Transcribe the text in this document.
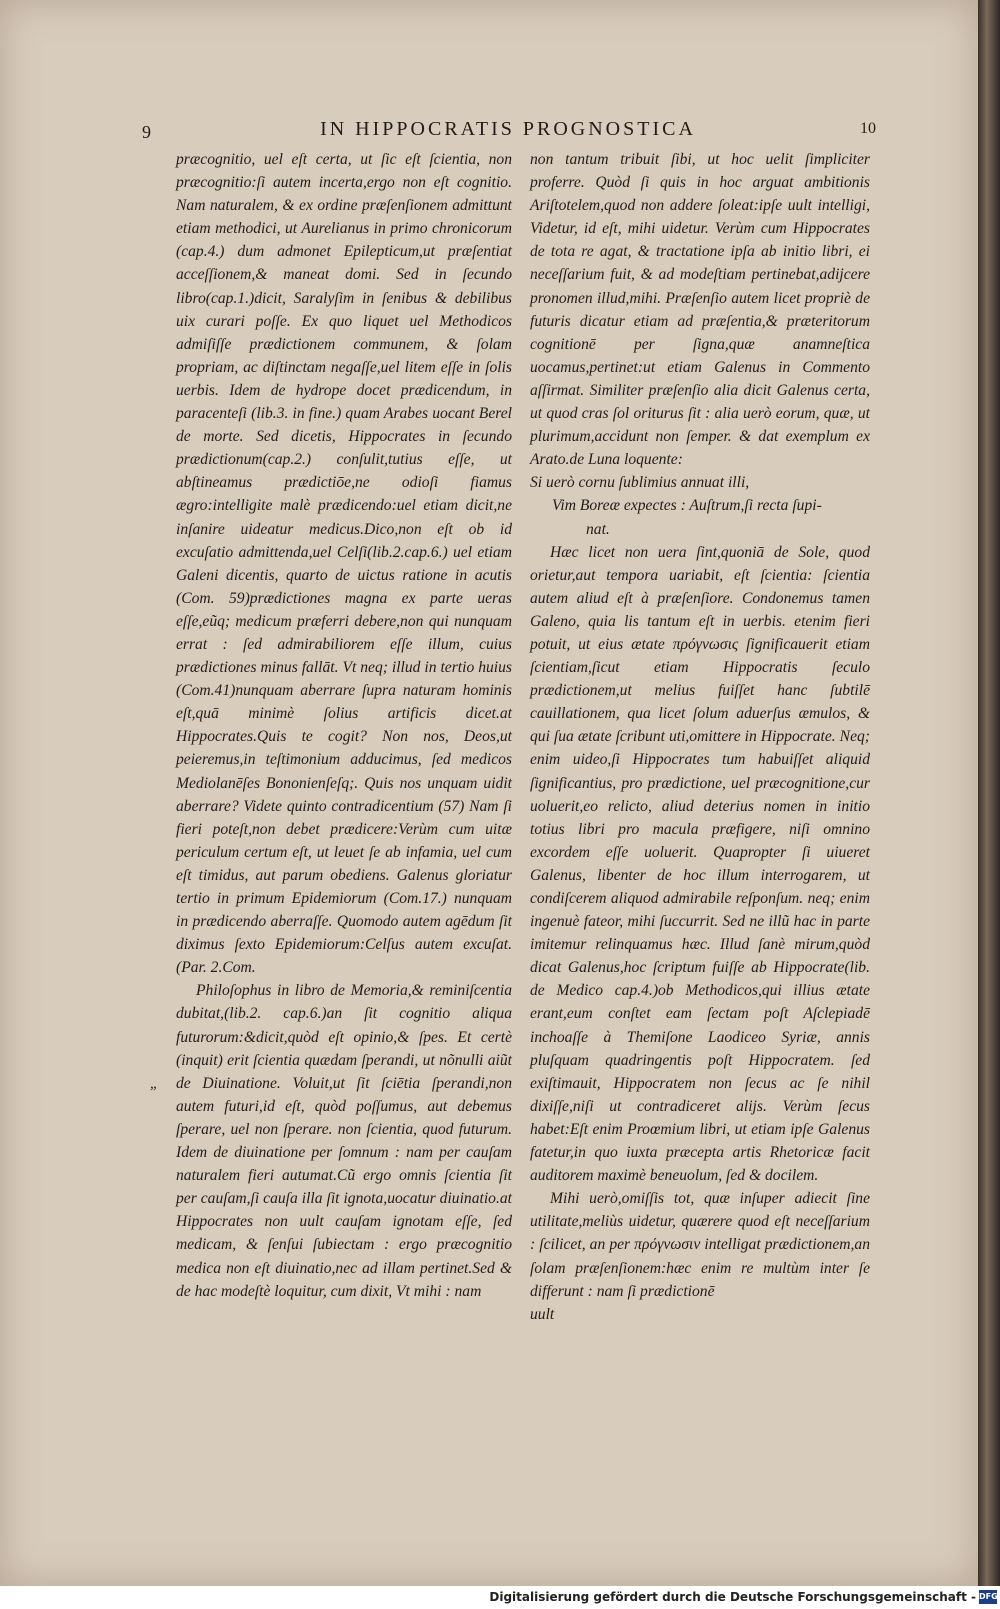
9	IN HIPPOCRATIS PROGNOSTICA	10
”

præcognitio, uel eſt certa, ut ſic eſt ſcientia, non præcognitio:ſi autem incerta,ergo non eſt cognitio. Nam naturalem, & ex ordine præſenſionem admittunt etiam methodici, ut Aurelianus in primo chronicorum (cap.4.) dum admonet Epilepticum,ut præſentiat acceſſionem,& maneat domi. Sed in ſecundo libro(cap.1.)dicit, Saralyſim in ſenibus & debilibus uix curari poſſe. Ex quo liquet uel Methodicos admiſiſſe prædictionem communem, & ſolam propriam, ac diſtinctam negaſſe,uel litem eſſe in ſolis uerbis. Idem de hydrope docet prædicendum, in paracenteſi (lib.3. in fine.) quam Arabes uocant Berel de morte. Sed dicetis, Hippocrates in ſecundo prædictionum(cap.2.) conſulit,tutius eſſe, ut abſtineamus prædictiōe,ne odioſi fiamus ægro:intelligite malè prædicendo:uel etiam dicit,ne inſanire uideatur medicus.Dico,non eſt ob id excuſatio admittenda,uel Celſi(lib.2.cap.6.) uel etiam Galeni dicentis, quarto de uictus ratione in acutis (Com. 59)prædictiones magna ex parte ueras eſſe,eũq; medicum præferri debere,non qui nunquam errat : ſed admirabiliorem eſſe illum, cuius prædictiones minus fallāt. Vt neq; illud in tertio huius (Com.41)nunquam aberrare ſupra naturam hominis eſt,quā minimè ſolius artificis dicet.at Hippocrates.Quis te cogit? Non nos, Deos,ut peieremus,in teſtimonium adducimus, ſed medicos Mediolanēſes Bononienſeſq;. Quis nos unquam uidit aberrare? Videte quinto contradicentium (57) Nam ſi fieri poteſt,non debet prædicere:Verùm cum uitæ periculum certum eſt, ut leuet ſe ab infamia, uel cum eſt timidus, aut parum obediens. Galenus gloriatur tertio in primum Epidemiorum (Com.17.) nunquam in prædicendo aberraſſe. Quomodo autem agēdum ſit diximus ſexto Epidemiorum:Celſus autem excuſat. (Par. 2.Com.

Philoſophus in libro de Memoria,& reminiſcentia dubitat,(lib.2. cap.6.)an ſit cognitio aliqua futurorum:&dicit,quòd eſt opinio,& ſpes. Et certè (inquit) erit ſcientia quædam ſperandi, ut nõnulli aiũt de Diuinatione. Voluit,ut ſit ſciētia ſperandi,non autem futuri,id eſt, quòd poſſumus, aut debemus ſperare, uel non ſperare. non ſcientia, quod futurum. Idem de diuinatione per ſomnum : nam per cauſam naturalem fieri autumat.Cũ ergo omnis ſcientia ſit per cauſam,ſi cauſa illa ſit ignota,uocatur diuinatio.at Hippocrates non uult cauſam ignotam eſſe, ſed medicam, & ſenſui ſubiectam : ergo præcognitio medica non eſt diuinatio,nec ad illam pertinet.Sed & de hac modeſtè loquitur, cum dixit, Vt mihi : nam

non tantum tribuit ſibi, ut hoc uelit ſimpliciter proferre. Quòd ſi quis in hoc arguat ambitionis Ariſtotelem,quod non addere ſoleat:ipſe uult intelligi, Videtur, id eſt, mihi uidetur. Verùm cum Hippocrates de tota re agat, & tractatione ipſa ab initio libri, ei neceſſarium fuit, & ad modeſtiam pertinebat,adijcere pronomen illud,mihi. Præſenſio autem licet propriè de futuris dicatur etiam ad præſentia,& præteritorum cognitionē per ſigna,quæ anamneſtica uocamus,pertinet:ut etiam Galenus in Commento aſſirmat. Similiter præſenſio alia dicit Galenus certa, ut quod cras ſol oriturus ſit : alia uerò eorum, quæ, ut plurimum,accidunt non ſemper. & dat exemplum ex Arato.de Luna loquente:

Si uerò cornu ſublimius annuat illi,

Vim Boreæ expectes : Auſtrum,ſi recta ſupi-

nat.

Hæc licet non uera ſint,quoniā de Sole, quod orietur,aut tempora uariabit, eſt ſcientia: ſcientia autem aliud eſt à præſenſiore. Condonemus tamen Galeno, quia lis tantum eſt in uerbis. etenim fieri potuit, ut eius ætate πρόγνωσις ſignificauerit etiam ſcientiam,ſicut etiam Hippocratis ſeculo prædictionem,ut melius fuiſſet hanc ſubtilē cauillationem, qua licet ſolum aduerſus æmulos, & qui ſua ætate ſcribunt uti,omittere in Hippocrate. Neq; enim uideo,ſi Hippocrates tum habuiſſet aliquid ſignificantius, pro prædictione, uel præcognitione,cur uoluerit,eo relicto, aliud deterius nomen in initio totius libri pro macula præfigere, niſi omnino excordem eſſe uoluerit. Quapropter ſi uiueret Galenus, libenter de hoc illum interrogarem, ut condiſcerem aliquod admirabile reſponſum. neq; enim ingenuè fateor, mihi ſuccurrit. Sed ne illũ hac in parte imitemur relinquamus hæc. Illud ſanè mirum,quòd dicat Galenus,hoc ſcriptum fuiſſe ab Hippocrate(lib. de Medico cap.4.)ob Methodicos,qui illius ætate erant,eum conſtet eam ſectam poſt Aſclepiadē inchoaſſe à Themiſone Laodiceo Syriæ, annis pluſquam quadringentis poſt Hippocratem. ſed exiſtimauit, Hippocratem non ſecus ac ſe nihil dixiſſe,niſi ut contradiceret alijs. Verùm ſecus habet:Eſt enim Proœmium libri, ut etiam ipſe Galenus fatetur,in quo iuxta præcepta artis Rhetoricæ facit auditorem maximè beneuolum, ſed & docilem.

Mihi uerò,omiſſis tot, quæ inſuper adiecit ſine utilitate,meliùs uidetur, quærere quod eſt neceſſarium : ſcilicet, an per πρόγνωσιν intelligat prædictionem,an ſolam præſenſionem:hæc enim re multùm inter ſe differunt : nam ſi prædictionē

uult

Digitalisierung gefördert durch die Deutsche Forschungsgemeinschaft - DFG
